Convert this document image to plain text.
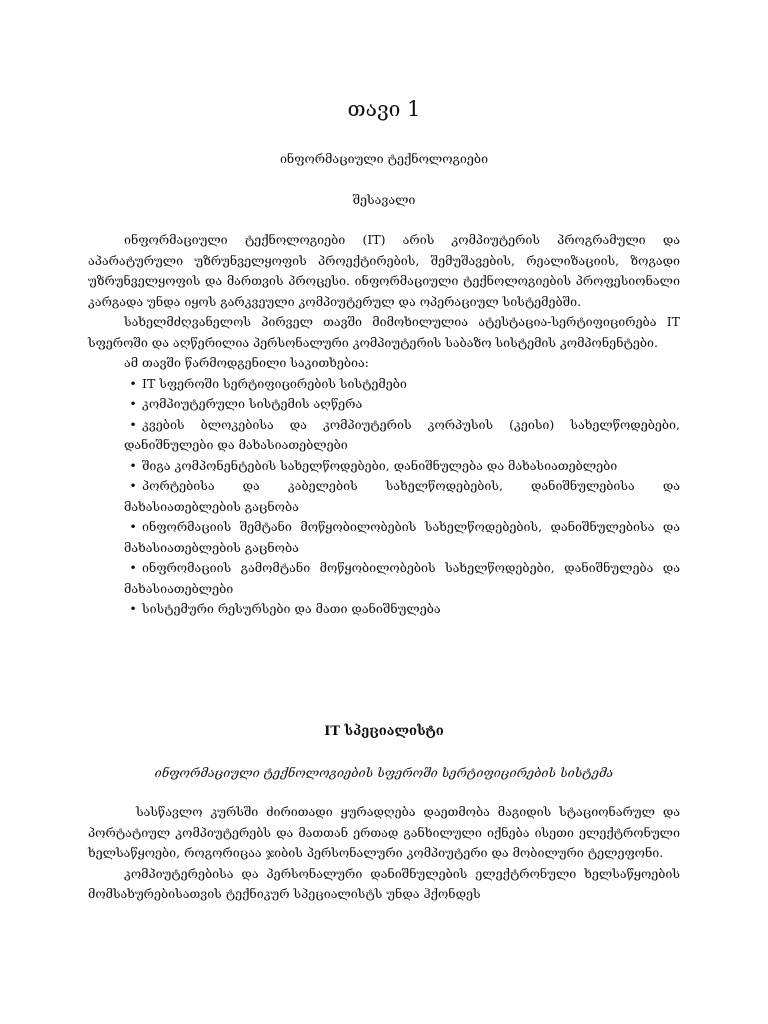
თავი 1
ინფორმაციული ტექნოლოგიები
შესავალი

ინფორმაციული ტექნოლოგიები (IT) არის კომპიუტერის პროგრამული და აპარატურული უზრუნველყოფის პროექტირების, შემუშავების, რეალიზაციის, ზოგადი უზრუნველყოფის და მართვის პროცესი. ინფორმაციული ტექნოლოგიების პროფესიონალი კარგადა უნდა იყოს გარკვეული კომპიუტერულ და ოპერაციულ სისტემებში.

სახელმძღვანელოს პირველ თავში მიმოხილულია ატესტაცია-სერტიფიცირება IT სფეროში და აღწერილია პერსონალური კომპიუტერის საბაზო სისტემის კომპონენტები.

ამ თავში წარმოდგენილი საკითხებია:
• IT სფეროში სერტიფიცირების სისტემები
• კომპიუტერული სისტემის აღწერა
• კვების ბლოკებისა და კომპიუტერის კორპუსის (კეისი) სახელწოდებები, დანიშნულები და მახასიათებლები
• შიგა კომპონენტების სახელწოდებები, დანიშნულება და მახასიათებლები
• პორტებისა და კაბელების სახელწოდებების, დანიშნულებისა და მახასიათებლების გაცნობა
• ინფორმაციის შემტანი მოწყობილობების სახელწოდებების, დანიშნულებისა და მახასიათებლების გაცნობა
• ინფრომაციის გამომტანი მოწყობილობების სახელწოდებები, დანიშნულება და მახასიათებლები
• სისტემური რესურსები და მათი დანიშნულება
IT სპეციალისტი
ინფორმაციული ტექნოლოგიების სფეროში სერტიფიცირების სისტემა

სასწავლო კურსში ძირითადი ყურადღება დაეთმობა მაგიდის სტაციონარულ და პორტატიულ კომპიუტერებს და მათთან ერთად განხილული იქნება ისეთი ელექტრონული ხელსაწყოები, როგორიცაა ჯიბის პერსონალური კომპიუტერი და მობილური ტელეფონი.

კომპიუტერებისა და პერსონალური დანიშნულების ელექტრონული ხელსაწყოების მომსახურებისათვის ტექნიკურ სპეციალისტს უნდა ჰქონდეს
